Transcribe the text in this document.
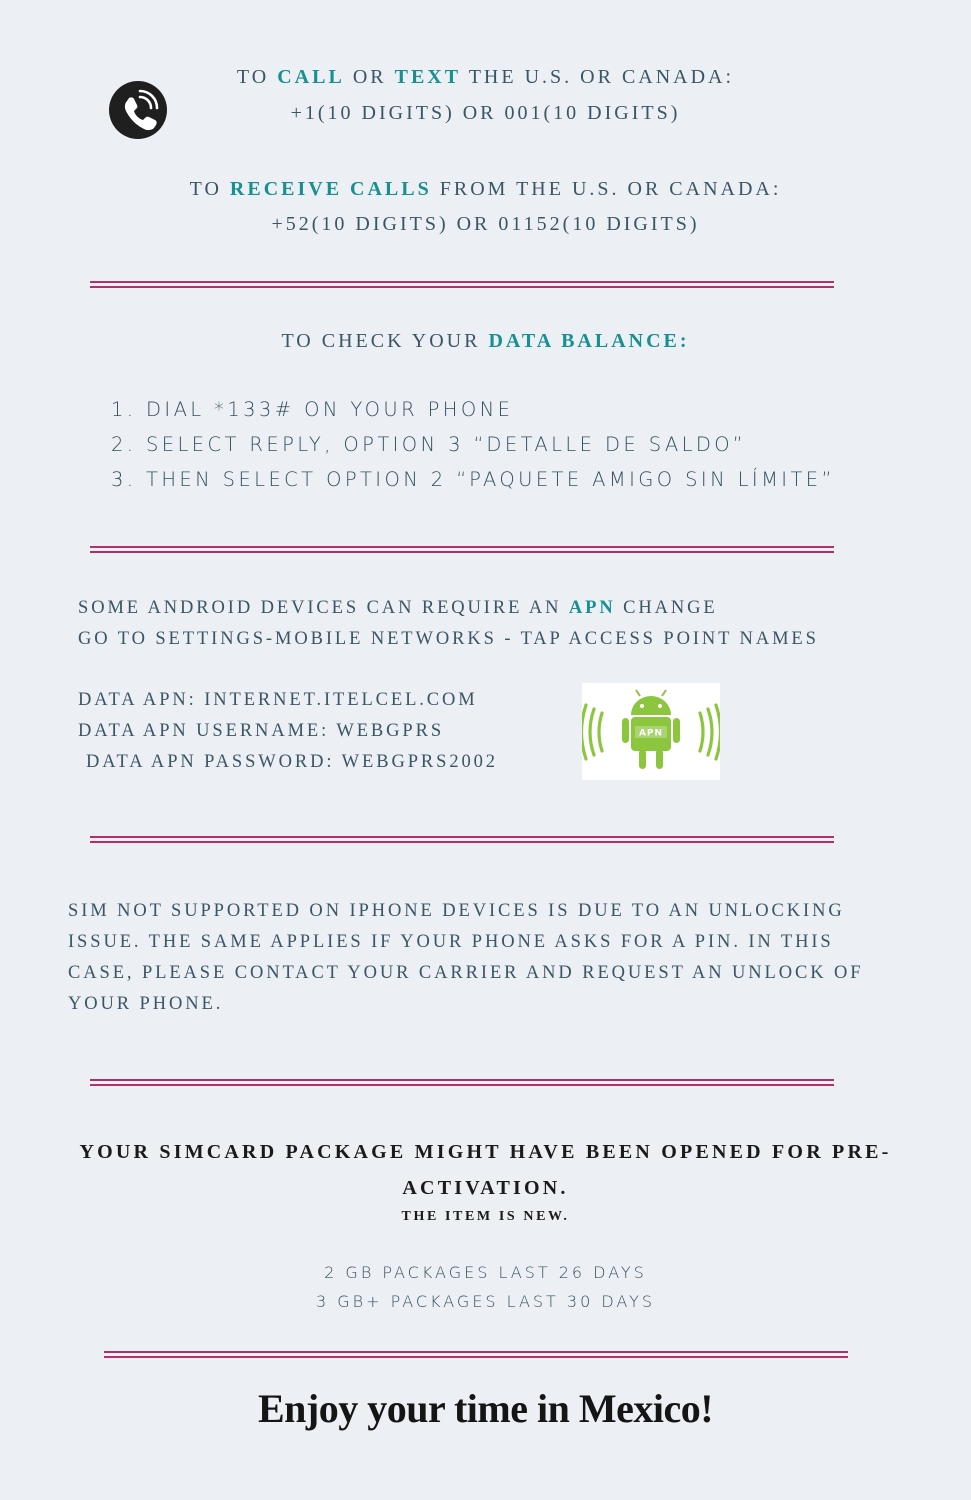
TO CALL OR TEXT THE U.S. OR CANADA:
+1(10 DIGITS) OR 001(10 DIGITS)
TO RECEIVE CALLS FROM THE U.S. OR CANADA:
+52(10 DIGITS) OR 01152(10 DIGITS)
TO CHECK YOUR DATA BALANCE:
1. DIAL *133# ON YOUR PHONE
2. SELECT REPLY, OPTION 3 “DETALLE DE SALDO”
3. THEN SELECT OPTION 2 “PAQUETE AMIGO SIN LÍMITE”
SOME ANDROID DEVICES CAN REQUIRE AN APN CHANGE
GO TO SETTINGS-MOBILE NETWORKS - TAP ACCESS POINT NAMES
DATA APN: INTERNET.ITELCEL.COM
DATA APN USERNAME: WEBGPRS
DATA APN PASSWORD: WEBGPRS2002
APN
SIM NOT SUPPORTED ON IPHONE DEVICES IS DUE TO AN UNLOCKING
ISSUE. THE SAME APPLIES IF YOUR PHONE ASKS FOR A PIN. IN THIS
CASE, PLEASE CONTACT YOUR CARRIER AND REQUEST AN UNLOCK OF
YOUR PHONE.
YOUR SIMCARD PACKAGE MIGHT HAVE BEEN OPENED FOR PRE-
ACTIVATION.
THE ITEM IS NEW.
2 GB PACKAGES LAST 26 DAYS
3 GB+ PACKAGES LAST 30 DAYS
Enjoy your time in Mexico!
